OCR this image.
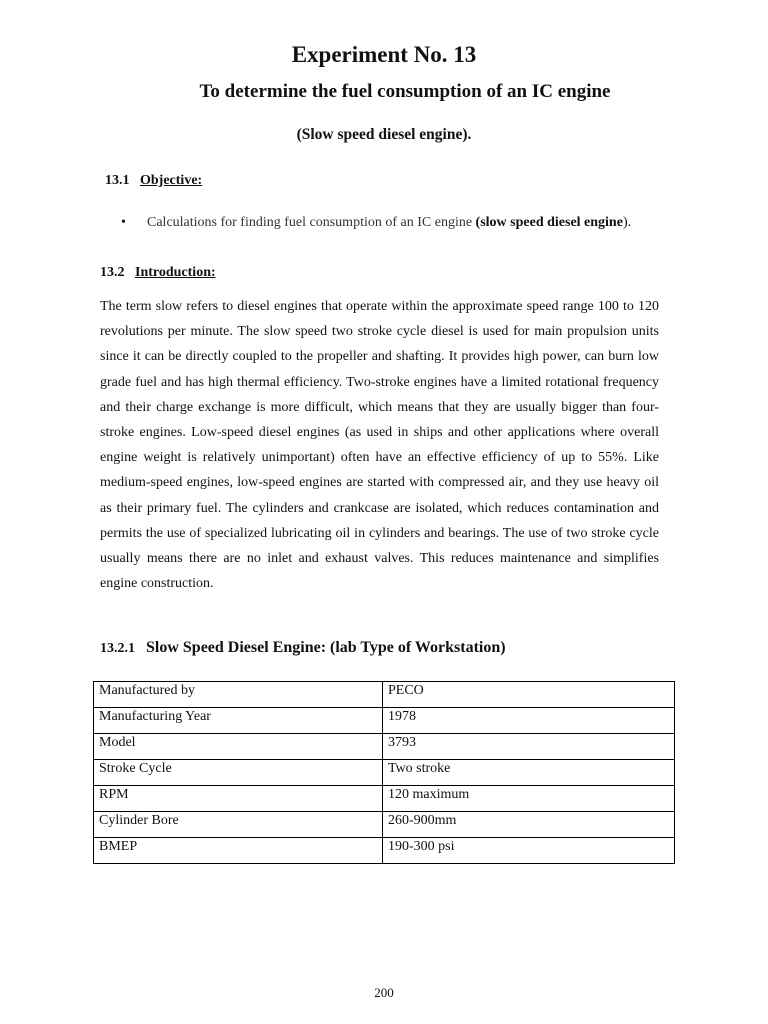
Experiment No. 13
To determine the fuel consumption of an IC engine
(Slow speed diesel engine).
13.1 Objective:
• Calculations for finding fuel consumption of an IC engine (slow speed diesel engine).
13.2 Introduction:
The term slow refers to diesel engines that operate within the approximate speed range 100 to 120 revolutions per minute. The slow speed two stroke cycle diesel is used for main propulsion units since it can be directly coupled to the propeller and shafting. It provides high power, can burn low grade fuel and has high thermal efficiency. Two-stroke engines have a limited rotational frequency and their charge exchange is more difficult, which means that they are usually bigger than four-stroke engines. Low-speed diesel engines (as used in ships and other applications where overall engine weight is relatively unimportant) often have an effective efficiency of up to 55%. Like medium-speed engines, low-speed engines are started with compressed air, and they use heavy oil as their primary fuel. The cylinders and crankcase are isolated, which reduces contamination and permits the use of specialized lubricating oil in cylinders and bearings. The use of two stroke cycle usually means there are no inlet and exhaust valves. This reduces maintenance and simplifies engine construction.
13.2.1 Slow Speed Diesel Engine: (lab Type of Workstation)
Manufactured by	PECO
Manufacturing Year	1978
Model	3793
Stroke Cycle	Two stroke
RPM	120 maximum
Cylinder Bore	260-900mm
BMEP	190-300 psi
200
